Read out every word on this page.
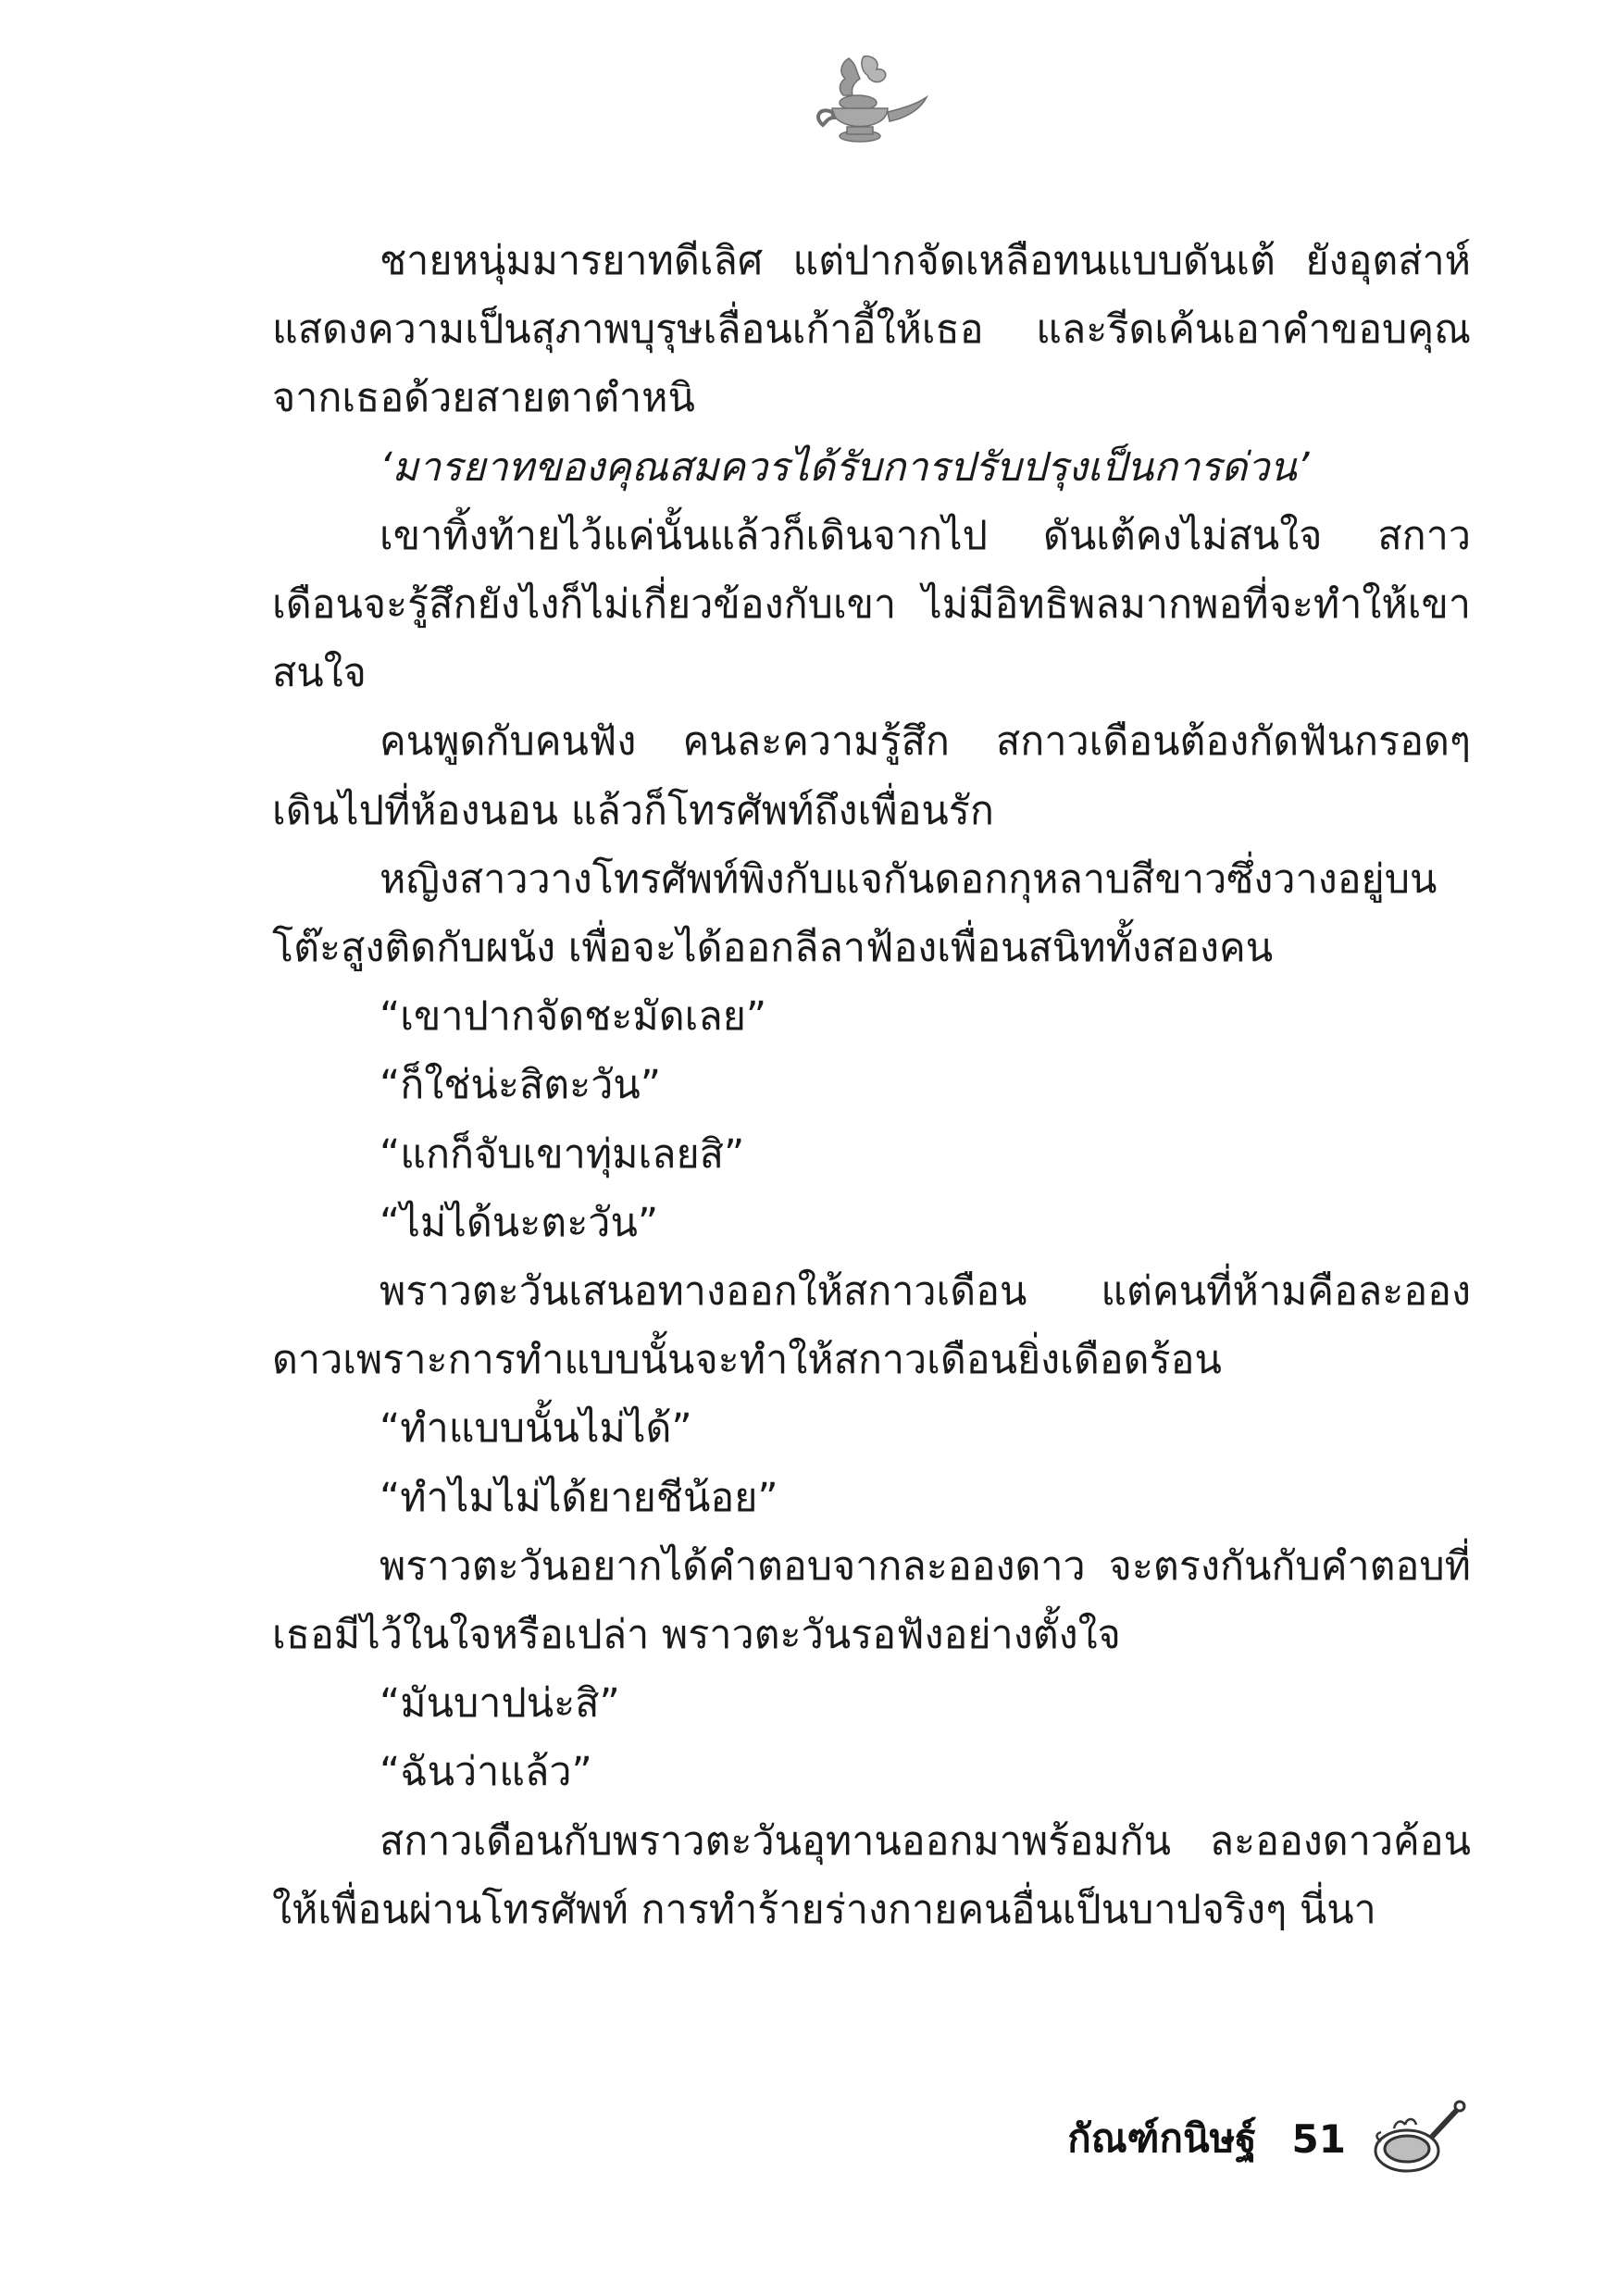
ชายหนุ่มมารยาทดีเลิศ แต่ปากจัดเหลือทนแบบดันเต้ ยังอุตส่าห์แสดงความเป็นสุภาพบุรุษเลื่อนเก้าอี้ให้เธอ และรีดเค้นเอาคำขอบคุณจากเธอด้วยสายตาตำหนิ

‘มารยาทของคุณสมควรได้รับการปรับปรุงเป็นการด่วน’

เขาทิ้งท้ายไว้แค่นั้นแล้วก็เดินจากไป ดันเต้คงไม่สนใจ สกาวเดือนจะรู้สึกยังไงก็ไม่เกี่ยวข้องกับเขา ไม่มีอิทธิพลมากพอที่จะทำให้เขาสนใจ

คนพูดกับคนฟัง คนละความรู้สึก สกาวเดือนต้องกัดฟันกรอดๆ เดินไปที่ห้องนอน แล้วก็โทรศัพท์ถึงเพื่อนรัก

หญิงสาววางโทรศัพท์พิงกับแจกันดอกกุหลาบสีขาวซึ่งวางอยู่บนโต๊ะสูงติดกับผนัง เพื่อจะได้ออกลีลาฟ้องเพื่อนสนิททั้งสองคน

“เขาปากจัดชะมัดเลย”

“ก็ใช่น่ะสิตะวัน”

“แกก็จับเขาทุ่มเลยสิ”

“ไม่ได้นะตะวัน”

พราวตะวันเสนอทางออกให้สกาวเดือน แต่คนที่ห้ามคือละอองดาวเพราะการทำแบบนั้นจะทำให้สกาวเดือนยิ่งเดือดร้อน

“ทำแบบนั้นไม่ได้”

“ทำไมไม่ได้ยายชีน้อย”

พราวตะวันอยากได้คำตอบจากละอองดาว จะตรงกันกับคำตอบที่เธอมีไว้ในใจหรือเปล่า พราวตะวันรอฟังอย่างตั้งใจ

“มันบาปน่ะสิ”

“ฉันว่าแล้ว”

สกาวเดือนกับพราวตะวันอุทานออกมาพร้อมกัน ละอองดาวค้อนให้เพื่อนผ่านโทรศัพท์ การทำร้ายร่างกายคนอื่นเป็นบาปจริงๆ นี่นา

กัณฑ์กนิษฐ์ 51
